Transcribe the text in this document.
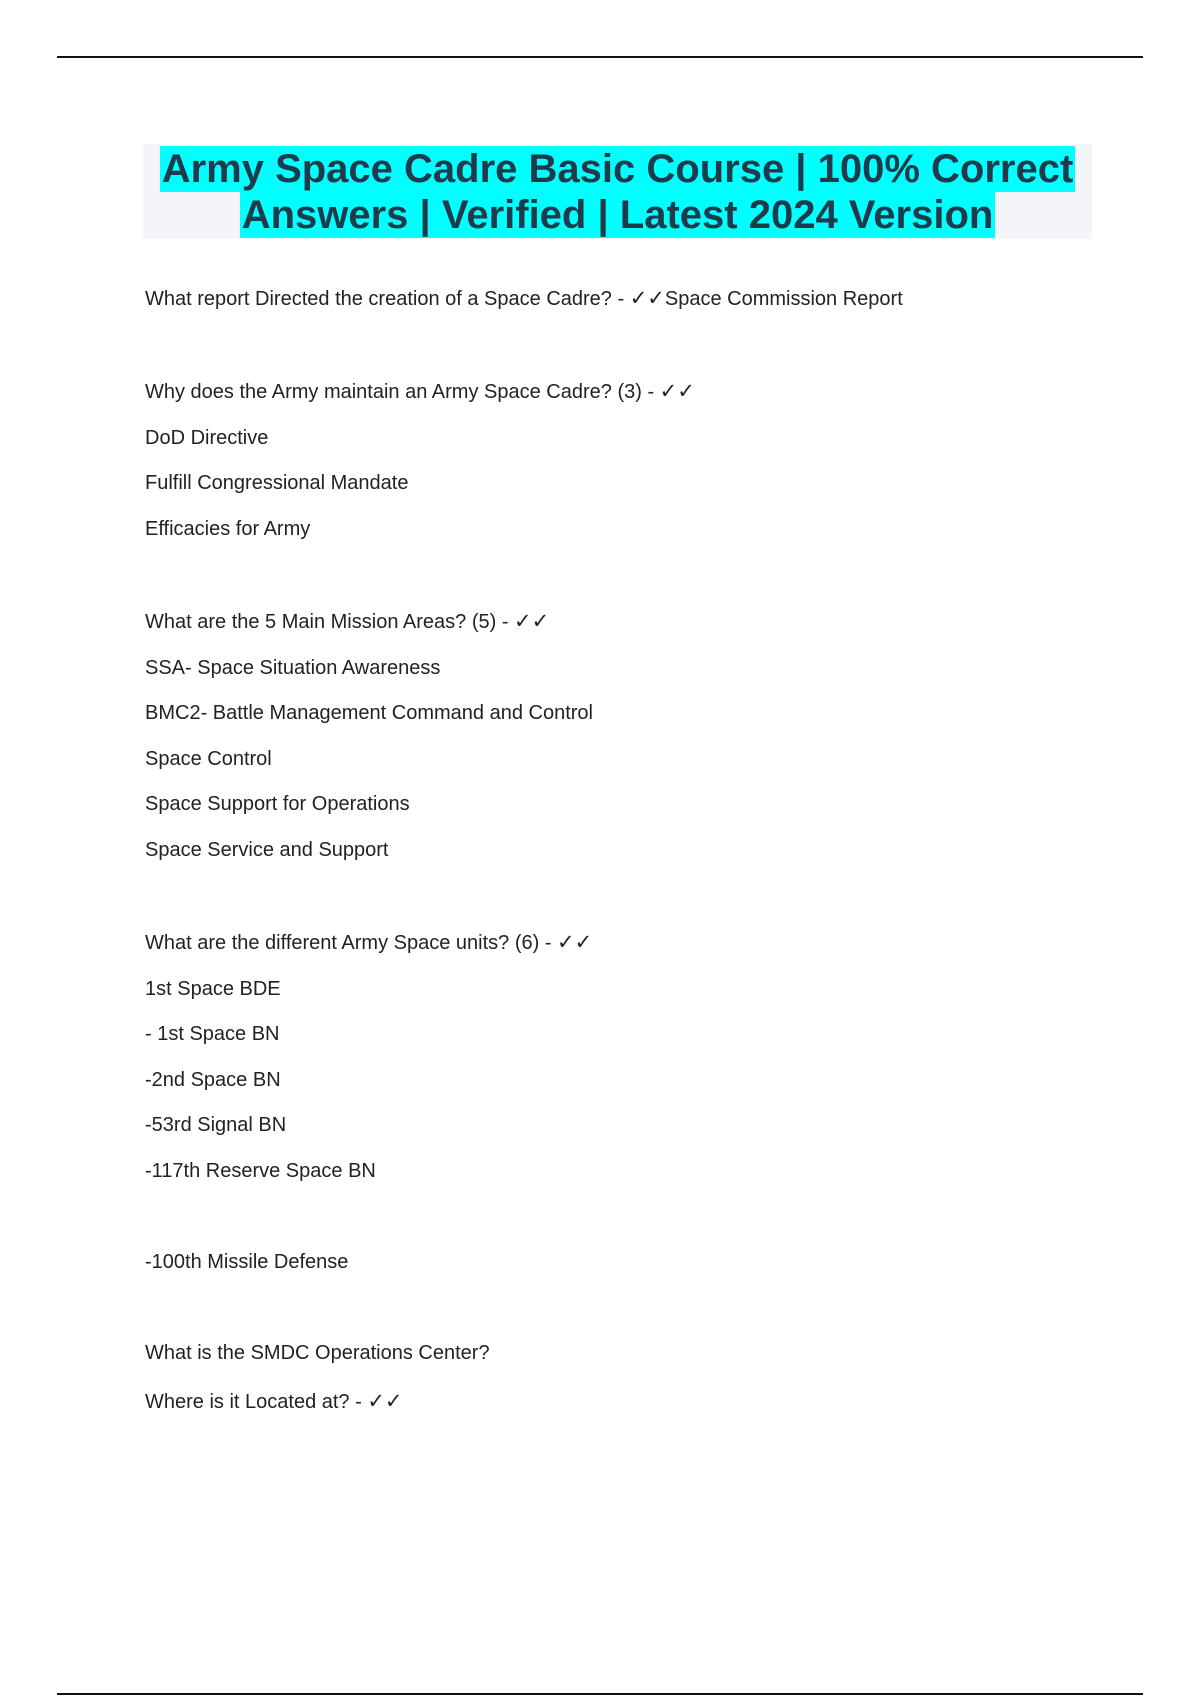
Army Space Cadre Basic Course | 100% Correct
Answers | Verified | Latest 2024 Version

What report Directed the creation of a Space Cadre? - ✓✓Space Commission Report

Why does the Army maintain an Army Space Cadre? (3) - ✓✓

DoD Directive

Fulfill Congressional Mandate

Efficacies for Army

What are the 5 Main Mission Areas? (5) - ✓✓

SSA- Space Situation Awareness

BMC2- Battle Management Command and Control

Space Control

Space Support for Operations

Space Service and Support

What are the different Army Space units? (6) - ✓✓

1st Space BDE

- 1st Space BN

-2nd Space BN

-53rd Signal BN

-117th Reserve Space BN

-100th Missile Defense

What is the SMDC Operations Center?

Where is it Located at? - ✓✓
